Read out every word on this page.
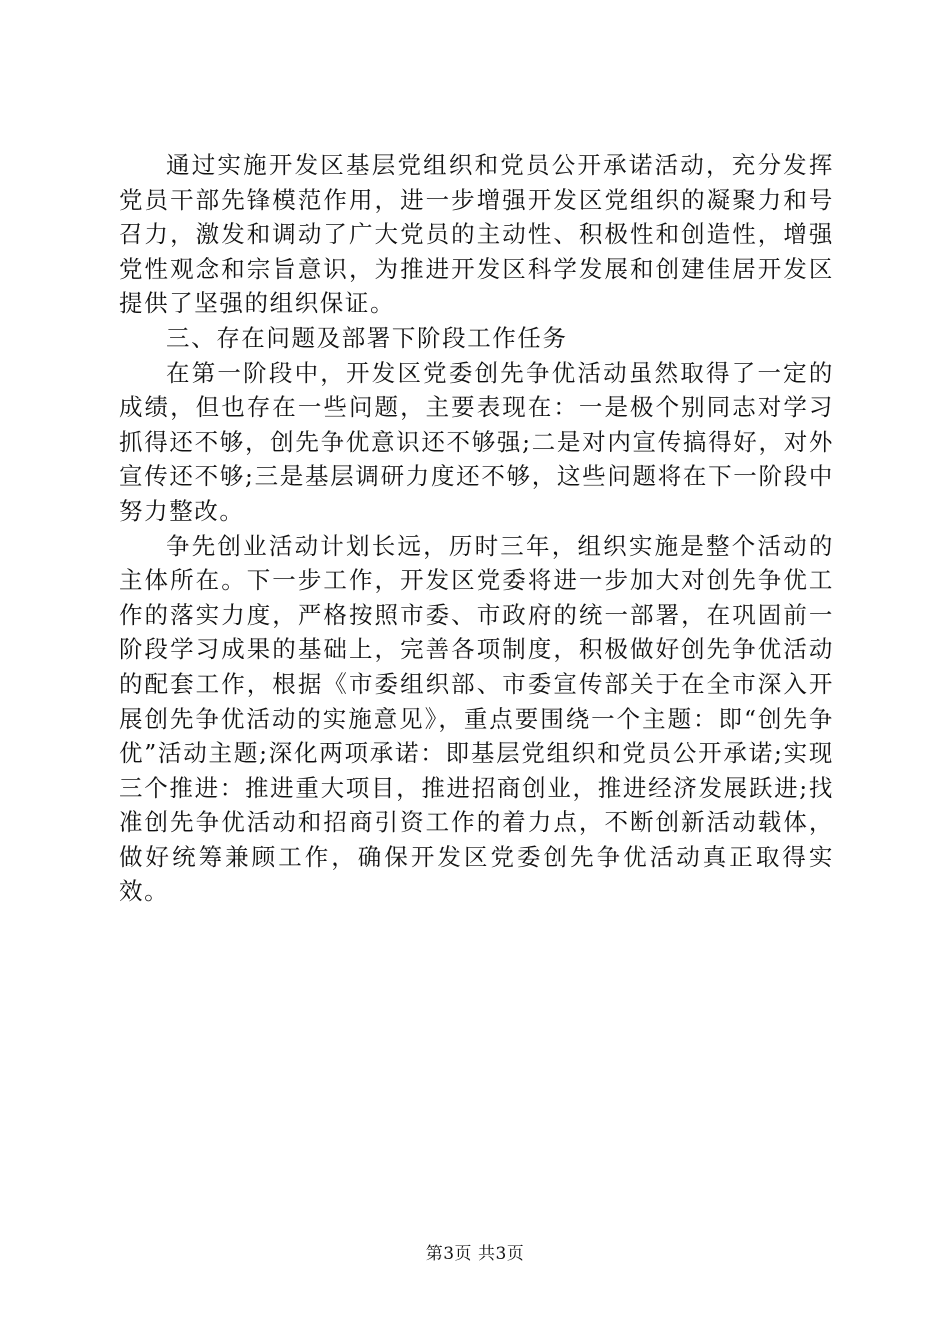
通过实施开发区基层党组织和党员公开承诺活动，充分发挥党员干部先锋模范作用，进一步增强开发区党组织的凝聚力和号召力，激发和调动了广大党员的主动性、积极性和创造性，增强党性观念和宗旨意识，为推进开发区科学发展和创建佳居开发区提供了坚强的组织保证。

三、存在问题及部署下阶段工作任务

在第一阶段中，开发区党委创先争优活动虽然取得了一定的成绩，但也存在一些问题，主要表现在：一是极个别同志对学习抓得还不够，创先争优意识还不够强;二是对内宣传搞得好，对外宣传还不够;三是基层调研力度还不够，这些问题将在下一阶段中努力整改。

争先创业活动计划长远，历时三年，组织实施是整个活动的主体所在。下一步工作，开发区党委将进一步加大对创先争优工作的落实力度，严格按照市委、市政府的统一部署，在巩固前一阶段学习成果的基础上，完善各项制度，积极做好创先争优活动的配套工作，根据《市委组织部、市委宣传部关于在全市深入开展创先争优活动的实施意见》，重点要围绕一个主题：即“创先争优”活动主题;深化两项承诺：即基层党组织和党员公开承诺;实现三个推进：推进重大项目，推进招商创业，推进经济发展跃进;找准创先争优活动和招商引资工作的着力点，不断创新活动载体，做好统筹兼顾工作，确保开发区党委创先争优活动真正取得实效。

第3页 共3页
